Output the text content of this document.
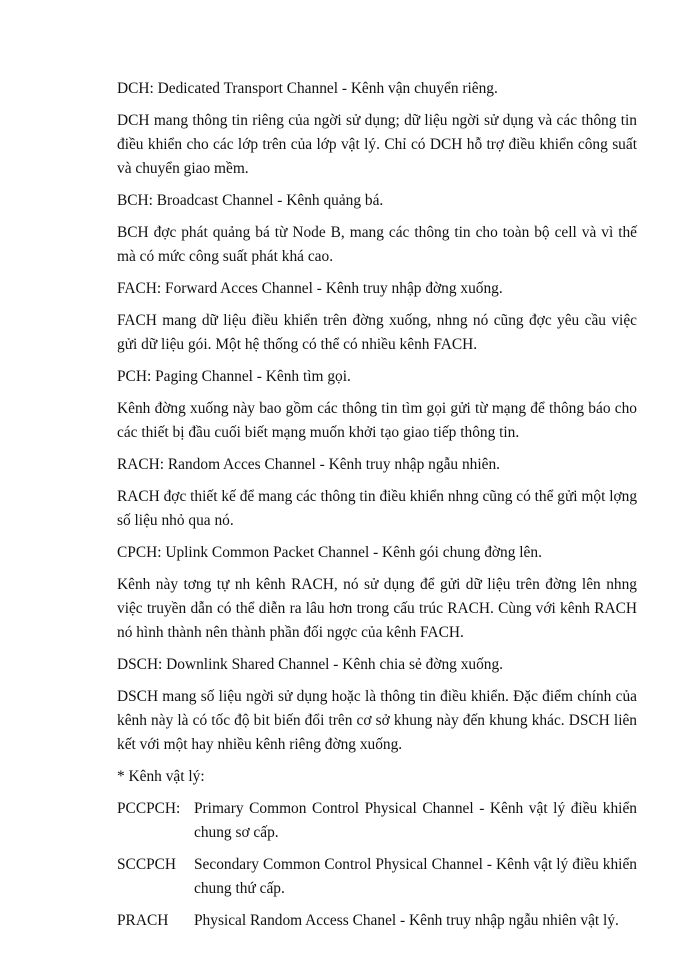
DCH: Dedicated Transport Channel - Kênh vận chuyển riêng.

DCH mang thông tin riêng của ngời sử dụng; dữ liệu ngời sử dụng và các thông tin điều khiển cho các lớp trên của lớp vật lý. Chỉ có DCH hỗ trợ điều khiển công suất và chuyển giao mềm.

BCH: Broadcast Channel - Kênh quảng bá.

BCH đợc phát quảng bá từ Node B, mang các thông tin cho toàn bộ cell và vì thế mà có mức công suất phát khá cao.

FACH: Forward Acces Channel - Kênh truy nhập đờng xuống.

FACH mang dữ liệu điều khiển trên đờng xuống, nhng nó cũng đợc yêu cầu việc gửi dữ liệu gói. Một hệ thống có thể có nhiều kênh FACH.

PCH: Paging Channel - Kênh tìm gọi.

Kênh đờng xuống này bao gồm các thông tin tìm gọi gửi từ mạng để thông báo cho các thiết bị đầu cuối biết mạng muốn khởi tạo giao tiếp thông tin.

RACH: Random Acces Channel - Kênh truy nhập ngẫu nhiên.

RACH đợc thiết kế để mang các thông tin điều khiển nhng cũng có thể gửi một lợng số liệu nhỏ qua nó.

CPCH: Uplink Common Packet Channel - Kênh gói chung đờng lên.

Kênh này tơng tự nh kênh RACH, nó sử dụng để gửi dữ liệu trên đờng lên nhng việc truyền dẫn có thể diễn ra lâu hơn trong cấu trúc RACH. Cùng với kênh RACH nó hình thành nên thành phần đối ngợc của kênh FACH.

DSCH: Downlink Shared Channel - Kênh chia sẻ đờng xuống.

DSCH mang số liệu ngời sử dụng hoặc là thông tin điều khiển. Đặc điểm chính của kênh này là có tốc độ bit biến đổi trên cơ sở khung này đến khung khác. DSCH liên kết với một hay nhiều kênh riêng đờng xuống.

* Kênh vật lý:

PCCPCH: Primary Common Control Physical Channel - Kênh vật lý điều khiển chung sơ cấp.
SCCPCH	Secondary Common Control Physical Channel - Kênh vật lý điều khiển chung thứ cấp.
PRACH	Physical Random Access Chanel - Kênh truy nhập ngẫu nhiên vật lý.
